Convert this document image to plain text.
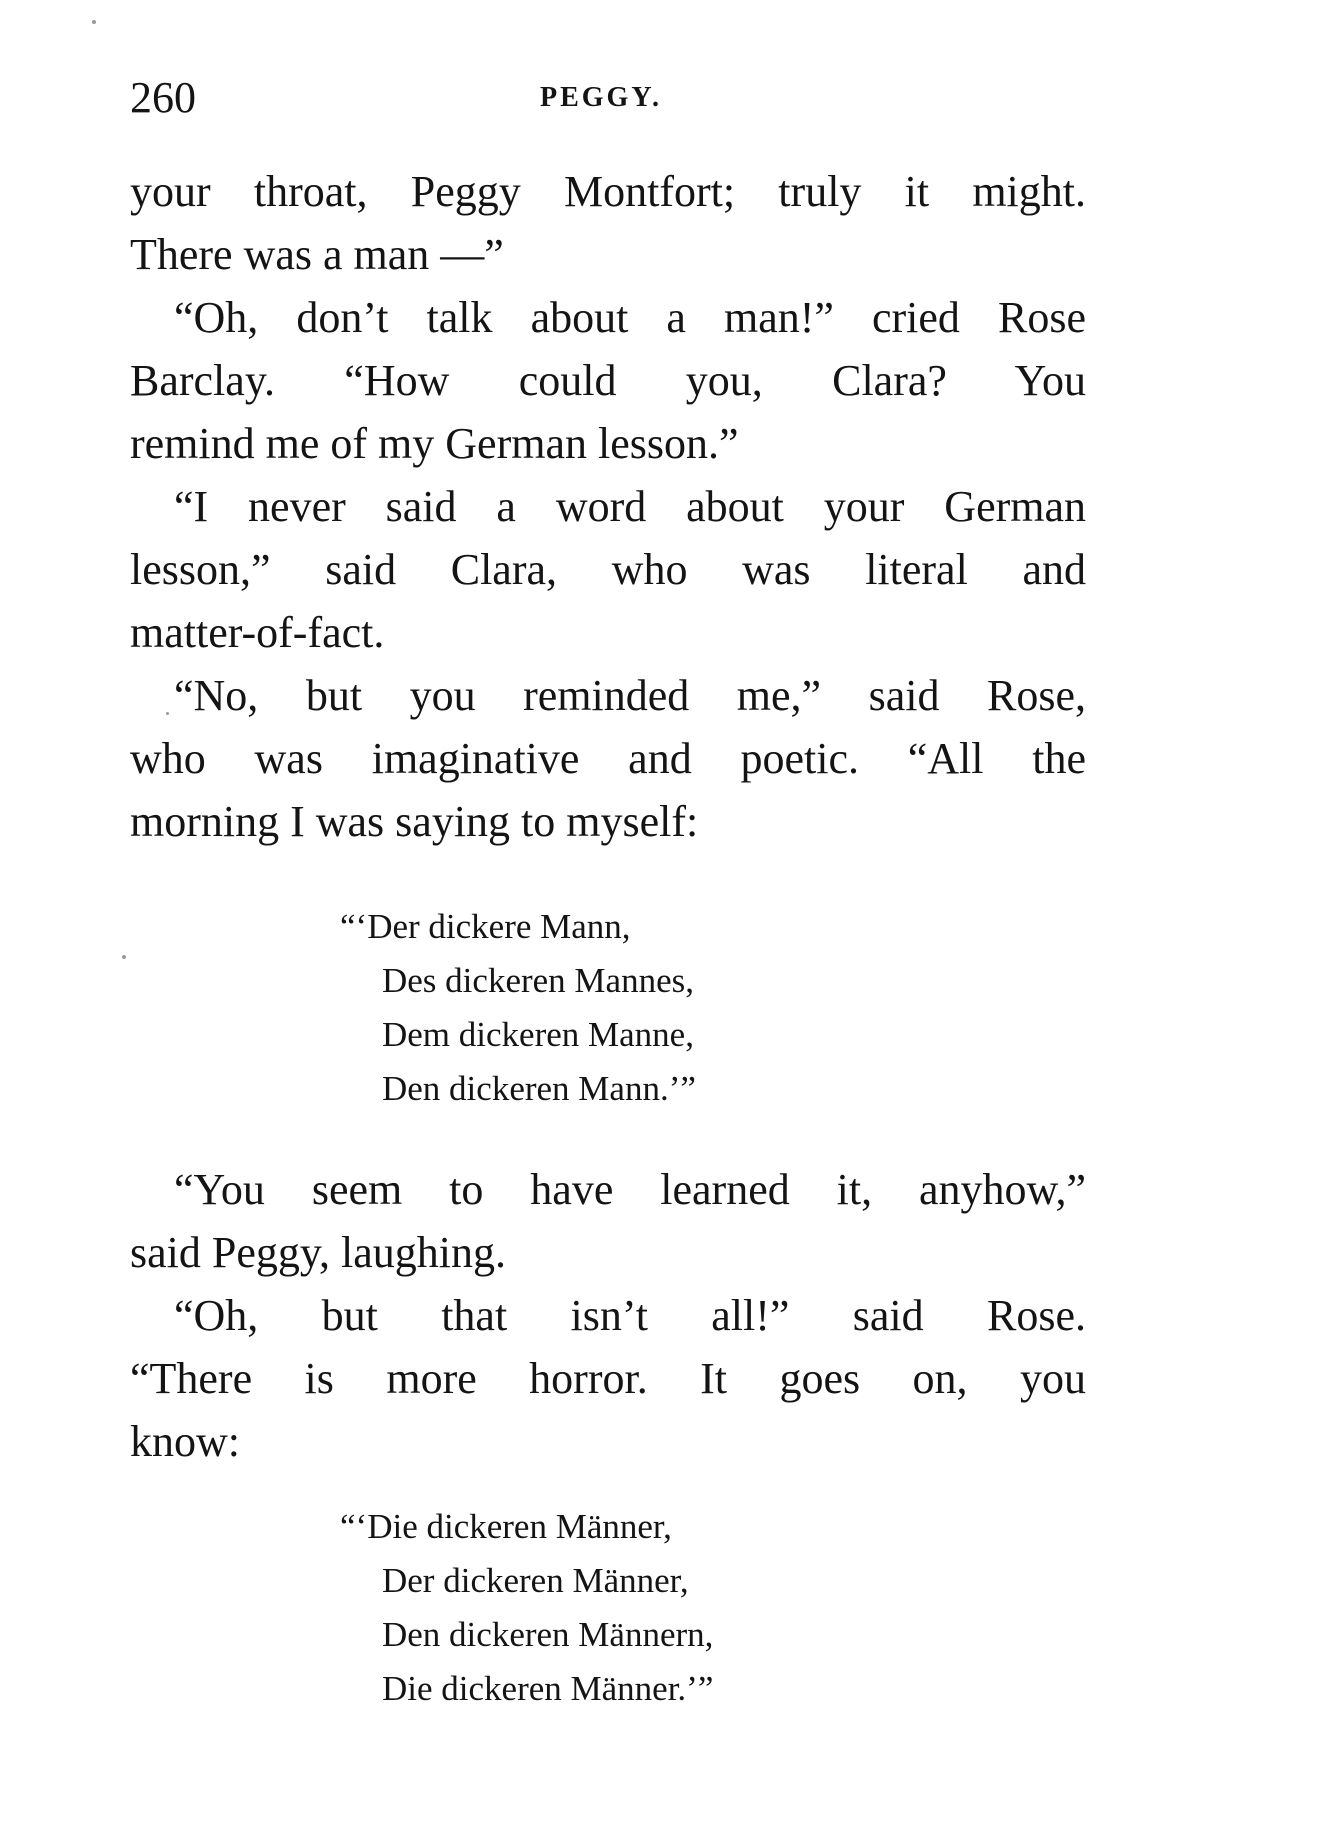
260	PEGGY.

your throat, Peggy Montfort; truly it might.
There was a man —”

“Oh, don’t talk about a man!” cried Rose
Barclay. “How could you, Clara? You
remind me of my German lesson.”

“I never said a word about your German
lesson,” said Clara, who was literal and
matter-of-fact.

“No, but you reminded me,” said Rose,
who was imaginative and poetic. “All the
morning I was saying to myself:

“‘Der dickere Mann,
Des dickeren Mannes,
Dem dickeren Manne,
Den dickeren Mann.’”

“You seem to have learned it, anyhow,”
said Peggy, laughing.

“Oh, but that isn’t all!” said Rose.
“There is more horror. It goes on, you
know:

“‘Die dickeren Männer,
Der dickeren Männer,
Den dickeren Männern,
Die dickeren Männer.’”
